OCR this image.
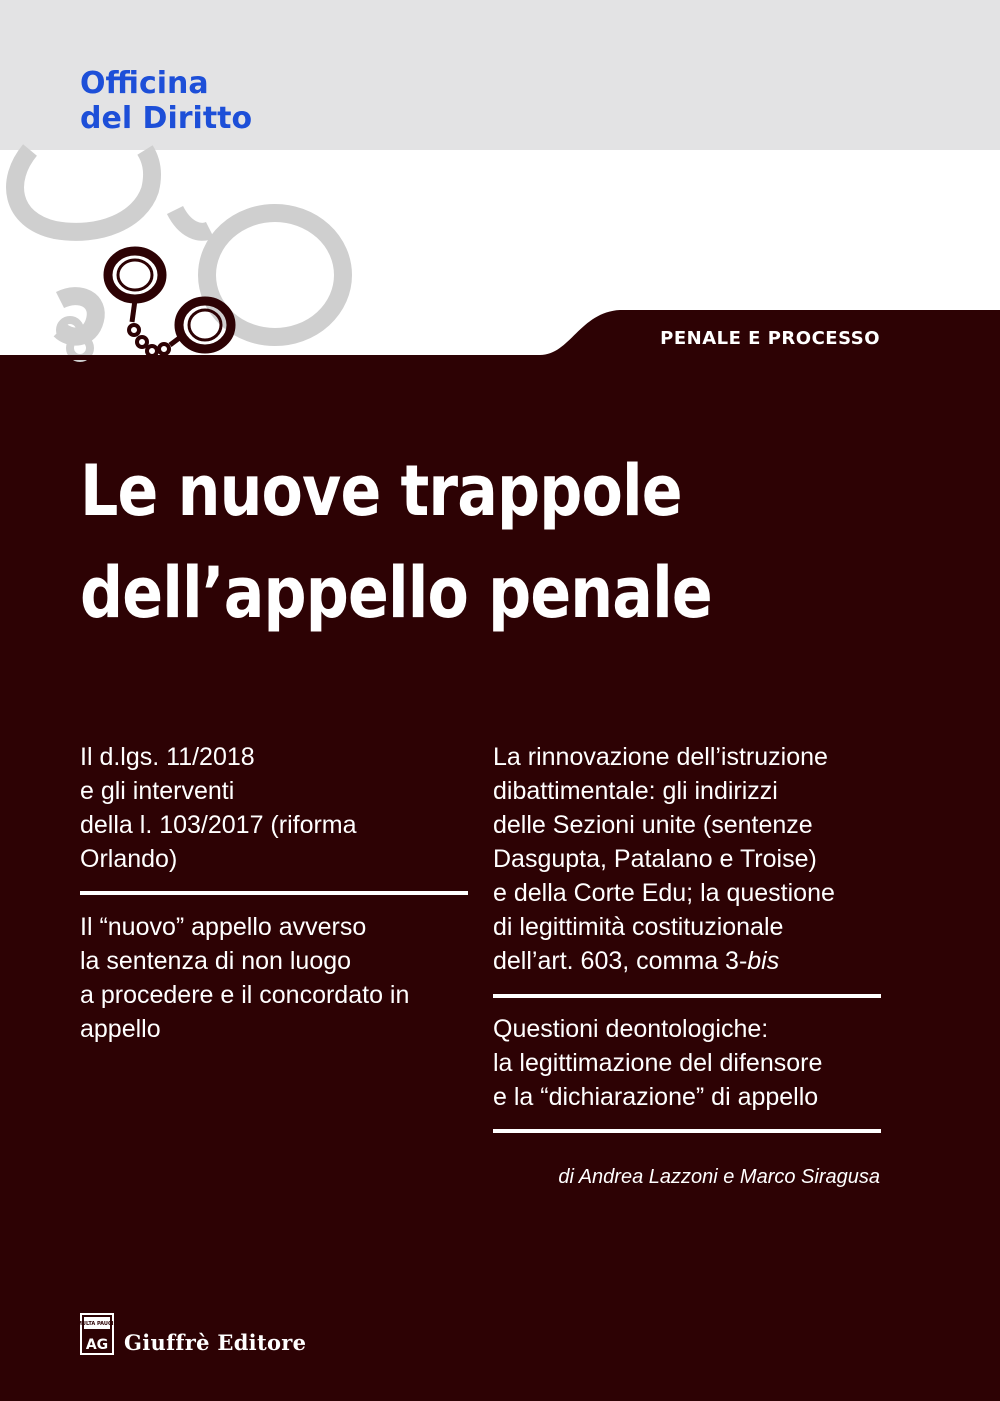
Officina
del Diritto
PENALE E PROCESSO
Le nuove trappole
dell’appello penale
Il d.lgs. 11/2018
e gli interventi
della l. 103/2017 (riforma
Orlando)
Il “nuovo” appello avverso
la sentenza di non luogo
a procedere e il concordato in
appello
La rinnovazione dell’istruzione
dibattimentale: gli indirizzi
delle Sezioni unite (sentenze
Dasgupta, Patalano e Troise)
e della Corte Edu; la questione
di legittimità costituzionale
dell’art. 603, comma 3-bis
Questioni deontologiche:
la legittimazione del difensore
e la “dichiarazione” di appello
di Andrea Lazzoni e Marco Siragusa
MULTA PAUCIS
AG Giuffrè Editore
